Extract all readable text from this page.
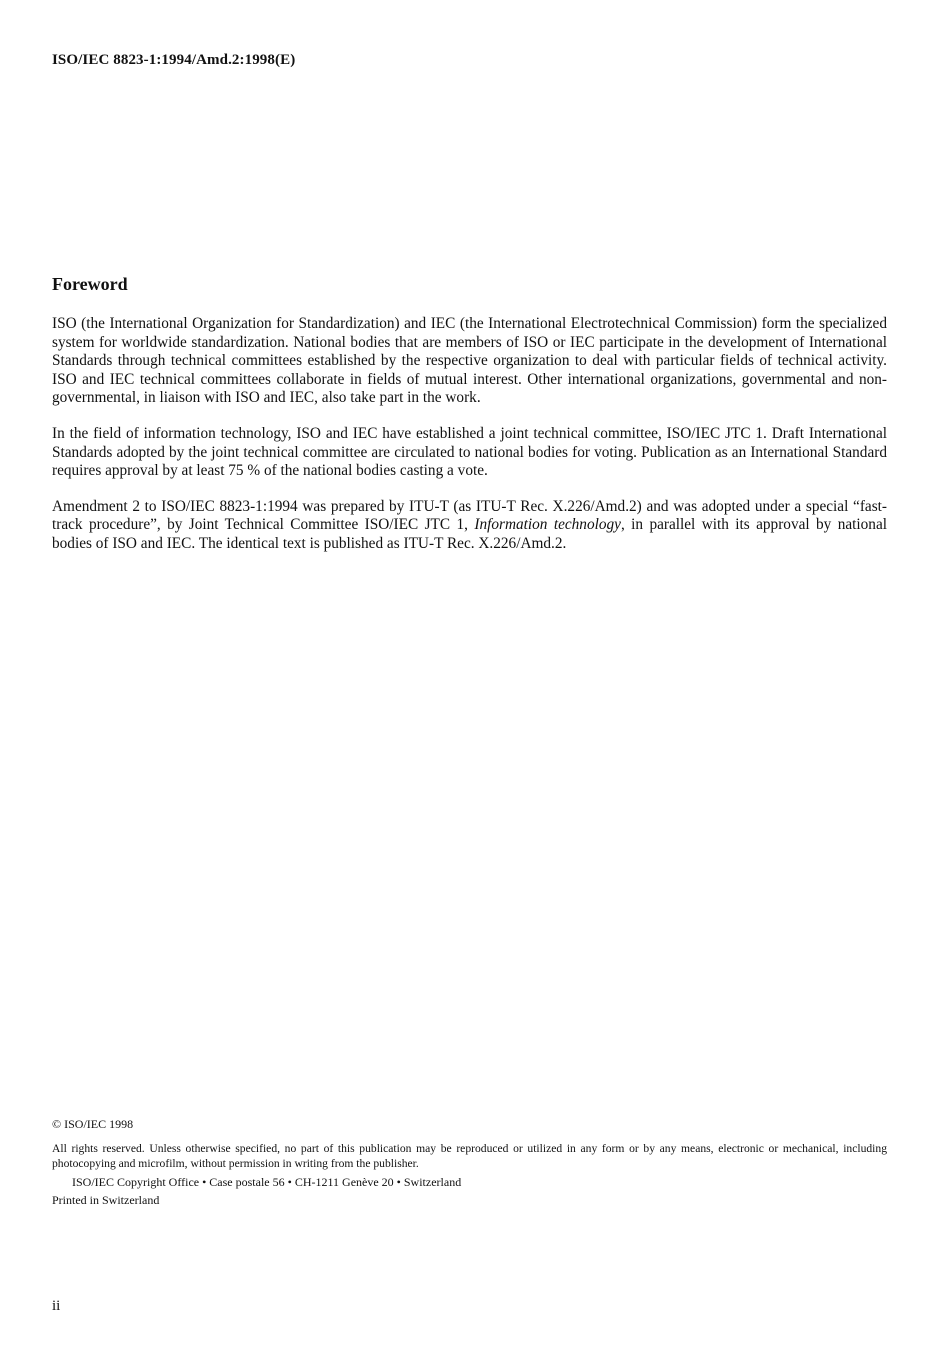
ISO/IEC 8823-1:1994/Amd.2:1998(E)
Foreword

ISO (the International Organization for Standardization) and IEC (the International Electrotechnical Commission) form the specialized system for worldwide standardization. National bodies that are members of ISO or IEC participate in the development of International Standards through technical committees established by the respective organization to deal with particular fields of technical activity. ISO and IEC technical committees collaborate in fields of mutual interest. Other international organizations, governmental and non-governmental, in liaison with ISO and IEC, also take part in the work.

In the field of information technology, ISO and IEC have established a joint technical committee, ISO/IEC JTC 1. Draft International Standards adopted by the joint technical committee are circulated to national bodies for voting. Publication as an International Standard requires approval by at least 75 % of the national bodies casting a vote.

Amendment 2 to ISO/IEC 8823-1:1994 was prepared by ITU-T (as ITU-T Rec. X.226/Amd.2) and was adopted under a special “fast-track procedure”, by Joint Technical Committee ISO/IEC JTC 1, Information technology, in parallel with its approval by national bodies of ISO and IEC. The identical text is published as ITU-T Rec. X.226/Amd.2.

© ISO/IEC 1998
All rights reserved. Unless otherwise specified, no part of this publication may be reproduced or utilized in any form or by any means, electronic or mechanical, including photocopying and microfilm, without permission in writing from the publisher.
ISO/IEC Copyright Office • Case postale 56 • CH-1211 Genève 20 • Switzerland
Printed in Switzerland
ii
